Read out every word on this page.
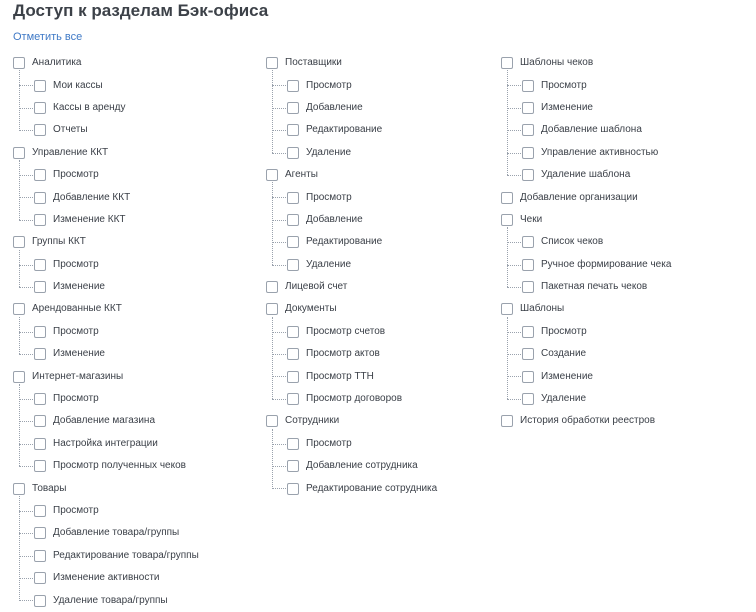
Доступ к разделам Бэк-офиса
Отметить все
Аналитика
Мои кассы
Кассы в аренду
Отчеты
Управление ККТ
Просмотр
Добавление ККТ
Изменение ККТ
Группы ККТ
Просмотр
Изменение
Арендованные ККТ
Просмотр
Изменение
Интернет-магазины
Просмотр
Добавление магазина
Настройка интеграции
Просмотр полученных чеков
Товары
Просмотр
Добавление товара/группы
Редактирование товара/группы
Изменение активности
Удаление товара/группы
Поставщики
Просмотр
Добавление
Редактирование
Удаление
Агенты
Просмотр
Добавление
Редактирование
Удаление
Лицевой счет
Документы
Просмотр счетов
Просмотр актов
Просмотр ТТН
Просмотр договоров
Сотрудники
Просмотр
Добавление сотрудника
Редактирование сотрудника
Шаблоны чеков
Просмотр
Изменение
Добавление шаблона
Управление активностью
Удаление шаблона
Добавление организации
Чеки
Список чеков
Ручное формирование чека
Пакетная печать чеков
Шаблоны
Просмотр
Создание
Изменение
Удаление
История обработки реестров
